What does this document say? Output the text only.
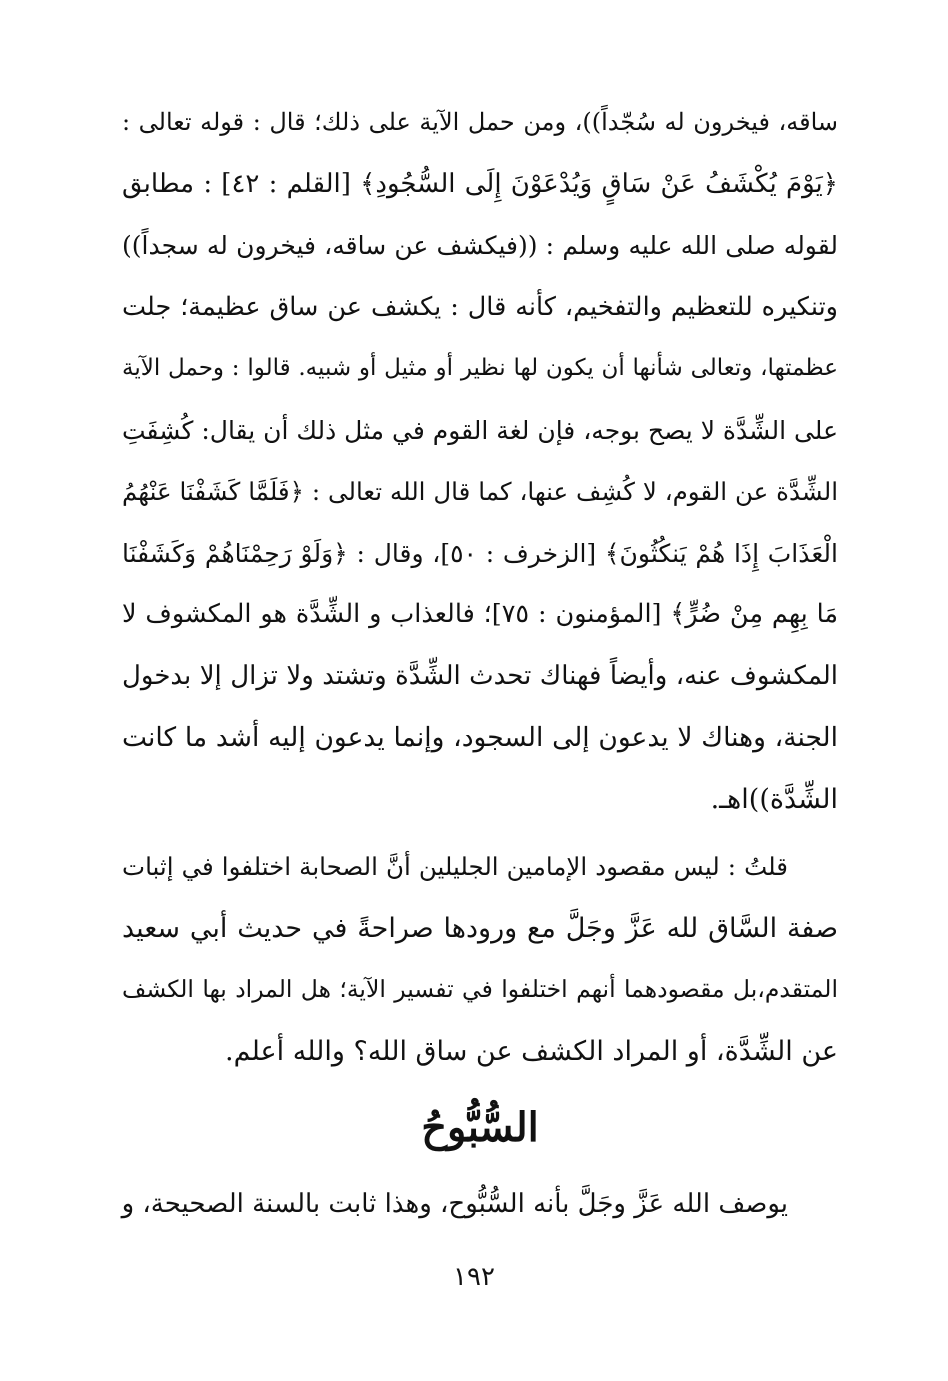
ساقه، فيخرون له سُجّداً))، ومن حمل الآية على ذلك؛ قال : قوله تعالى :
﴿يَوْمَ يُكْشَفُ عَنْ سَاقٍ وَيُدْعَوْنَ إِلَى السُّجُودِ﴾ [القلم : ٤٢] : مطابق
لقوله صلى الله عليه وسلم : ((فيكشف عن ساقه، فيخرون له سجداً))
وتنكيره للتعظيم والتفخيم، كأنه قال : يكشف عن ساق عظيمة؛ جلت
عظمتها، وتعالى شأنها أن يكون لها نظير أو مثيل أو شبيه. قالوا : وحمل الآية
على الشِّدَّة لا يصح بوجه، فإن لغة القوم في مثل ذلك أن يقال: كُشِفَتِ
الشِّدَّة عن القوم، لا كُشِف عنها، كما قال الله تعالى : ﴿فَلَمَّا كَشَفْنَا عَنْهُمُ
الْعَذَابَ إِذَا هُمْ يَنكُثُونَ﴾ [الزخرف : ٥٠]، وقال : ﴿وَلَوْ رَحِمْنَاهُمْ وَكَشَفْنَا
مَا بِهِم مِنْ ضُرٍّ﴾ [المؤمنون : ٧٥]؛ فالعذاب و الشِّدَّة هو المكشوف لا
المكشوف عنه، وأيضاً فهناك تحدث الشِّدَّة وتشتد ولا تزال إلا بدخول
الجنة، وهناك لا يدعون إلى السجود، وإنما يدعون إليه أشد ما كانت
الشِّدَّة))اهـ.
قلتُ : ليس مقصود الإمامين الجليلين أنَّ الصحابة اختلفوا في إثبات
صفة السَّاق لله عَزَّ وجَلَّ مع ورودها صراحةً في حديث أبي سعيد
المتقدم،بل مقصودهما أنهم اختلفوا في تفسير الآية؛ هل المراد بها الكشف
عن الشِّدَّة، أو المراد الكشف عن ساق الله؟ والله أعلم.
السُّبُّوحُ
يوصف الله عَزَّ وجَلَّ بأنه السُّبُّوح، وهذا ثابت بالسنة الصحيحة، و
١٩٢
